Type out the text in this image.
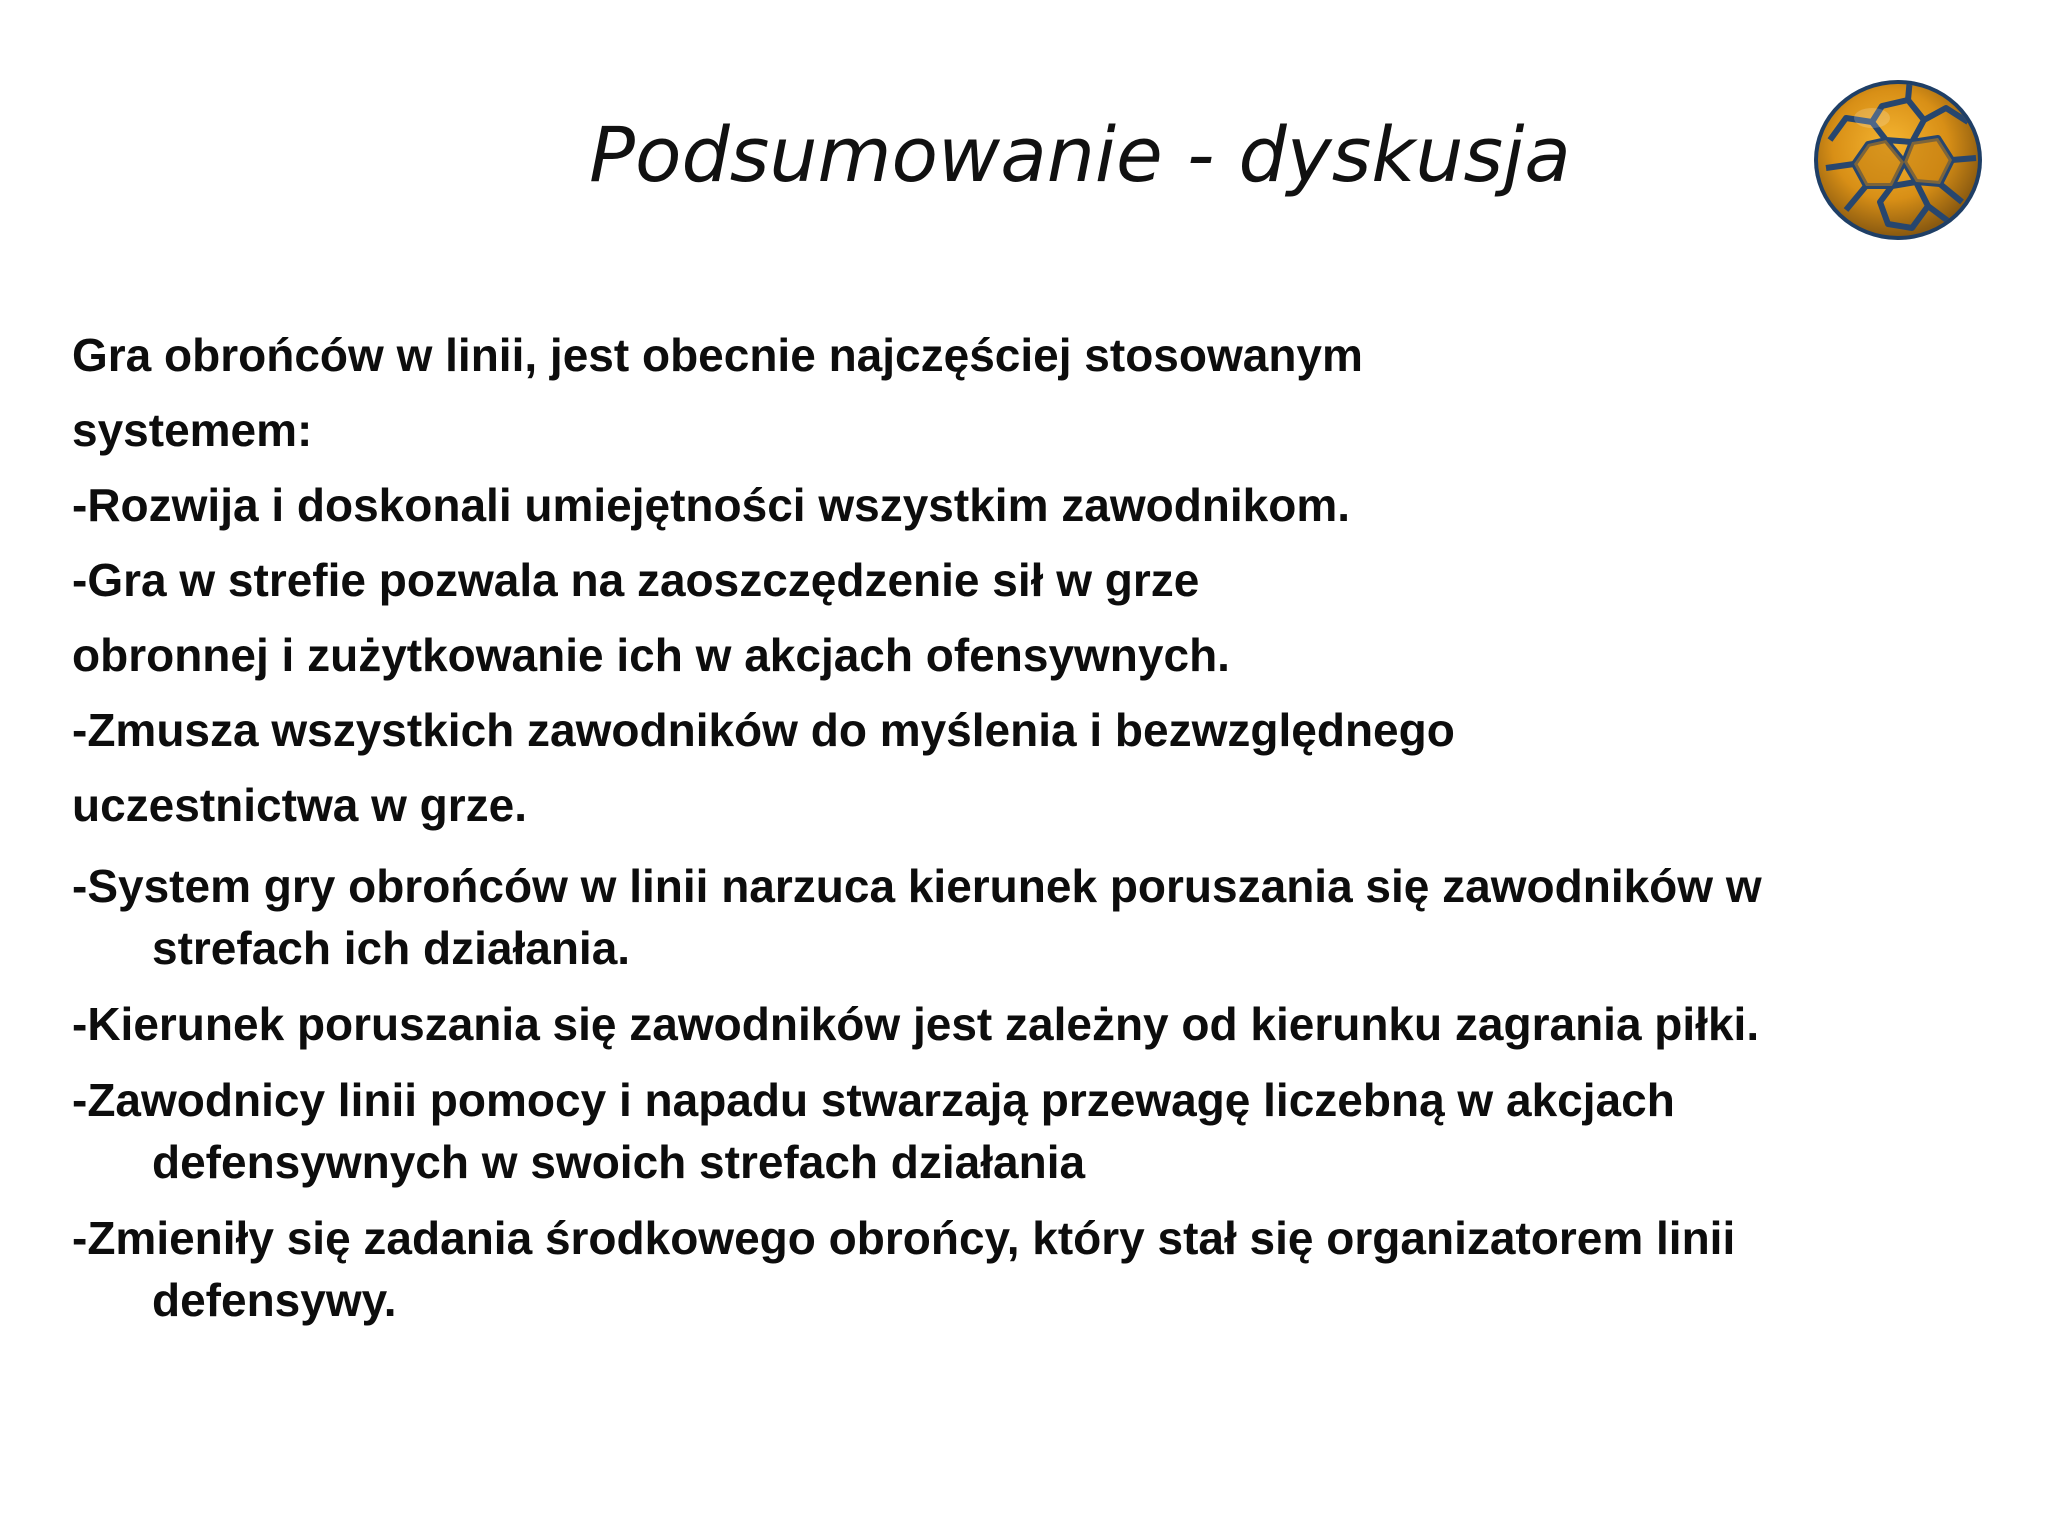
Podsumowanie - dyskusja

Gra obrońców w linii, jest obecnie najczęściej stosowanym

systemem:

-Rozwija i doskonali umiejętności wszystkim zawodnikom.

-Gra w strefie pozwala na zaoszczędzenie sił w grze

obronnej i zużytkowanie ich w akcjach ofensywnych.

-Zmusza wszystkich zawodników do myślenia i bezwzględnego

uczestnictwa w grze.

-System gry obrońców w linii narzuca kierunek poruszania się zawodników w strefach ich działania.

-Kierunek poruszania się zawodników jest zależny od kierunku zagrania piłki.

-Zawodnicy linii pomocy i napadu stwarzają przewagę liczebną w akcjach defensywnych w swoich strefach działania

-Zmieniły się zadania środkowego obrońcy, który stał się organizatorem linii defensywy.
